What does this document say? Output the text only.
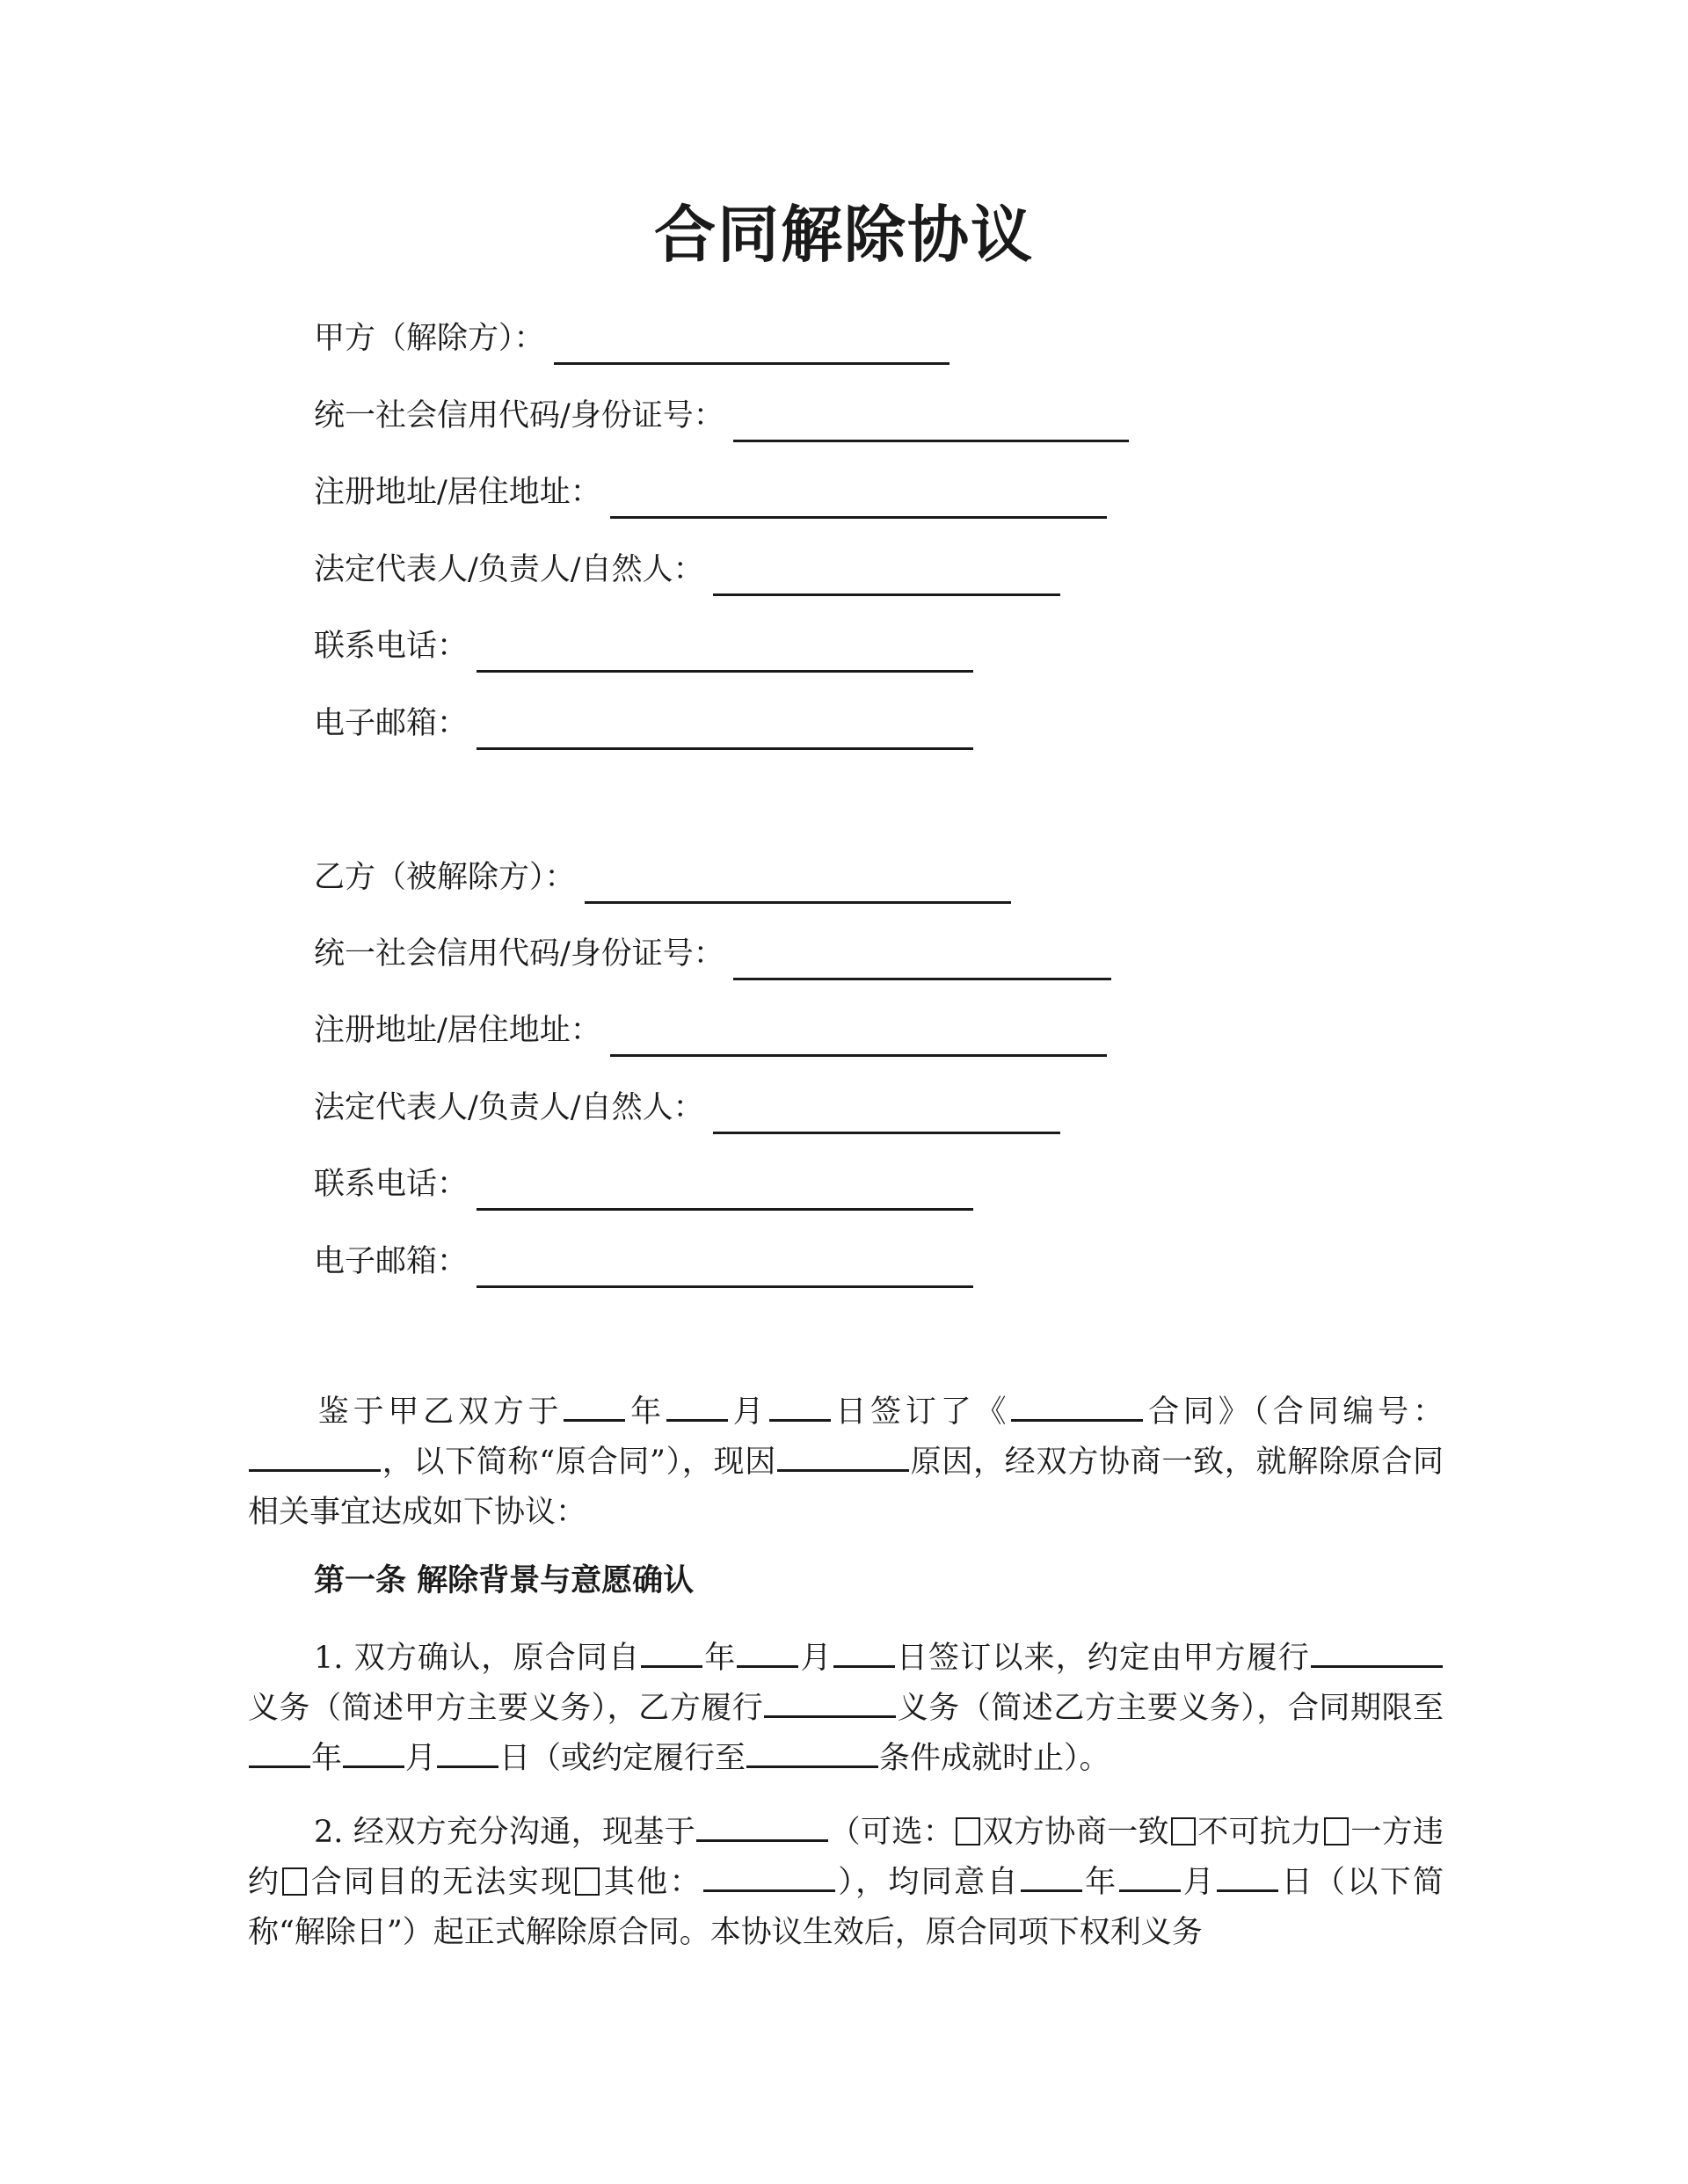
合同解除协议
甲方（解除方）：
统一社会信用代码/身份证号：
注册地址/居住地址：
法定代表人/负责人/自然人：
联系电话：
电子邮箱：
乙方（被解除方）：
统一社会信用代码/身份证号：
注册地址/居住地址：
法定代表人/负责人/自然人：
联系电话：
电子邮箱：

鉴于甲乙双方于 年 月 日签订了《	合同》（合同编号：，以下简称“原合同”），现因	原因，经双方协商一致，就解除原合同相关事宜达成如下协议：

第一条 解除背景与意愿确认

1. 双方确认，原合同自 年 月 日签订以来，约定由甲方履行义务（简述甲方主要义务），乙方履行	义务（简述乙方主要义务），合同期限至年 月 日（或约定履行至	条件成就时止）。

2. 经双方充分沟通，现基于	（可选： 双方协商一致 不可抗力 一方违约 合同目的无法实现 其他：	），均同意自 年 月 日（以下简称“解除日”）起正式解除原合同。本协议生效后，原合同项下权利义务
